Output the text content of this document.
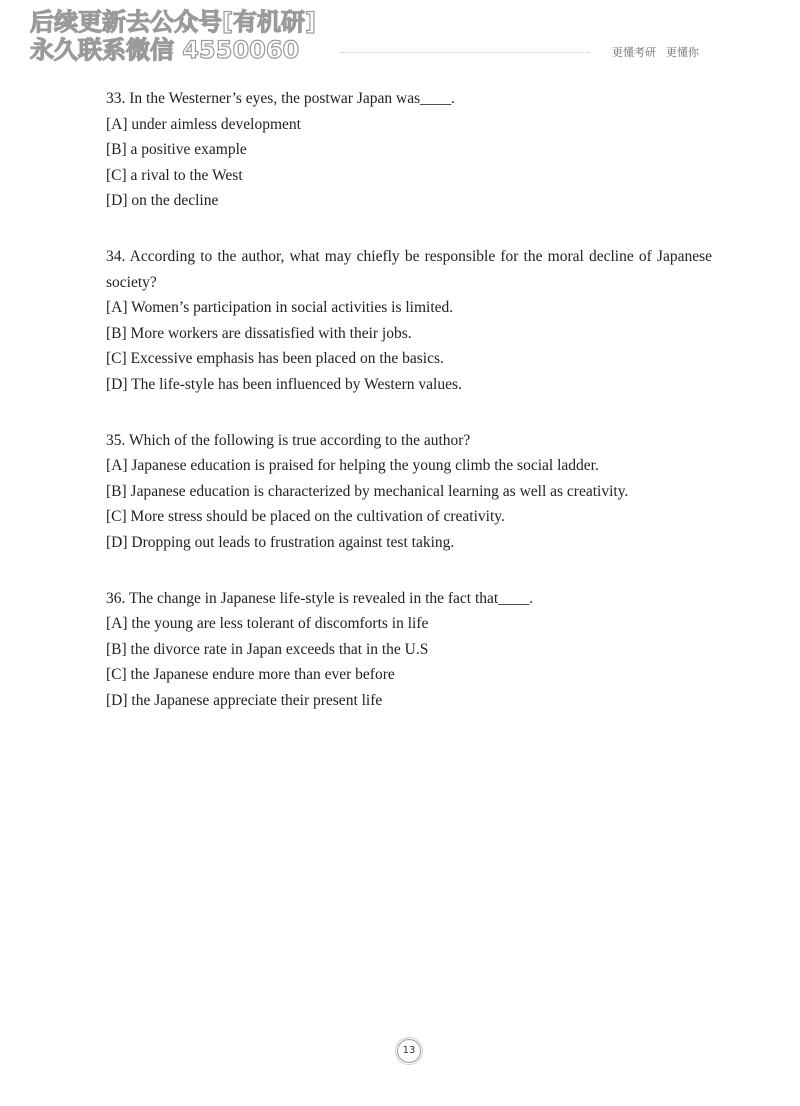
后续更新去公众号[有机研]
永久联系微信 4550060	更懂考研 更懂你
33. In the Westerner’s eyes, the postwar Japan was____.
[A] under aimless development
[B] a positive example
[C] a rival to the West
[D] on the decline
34. According to the author, what may chiefly be responsible for the moral decline of Japanese society?
[A] Women’s participation in social activities is limited.
[B] More workers are dissatisfied with their jobs.
[C] Excessive emphasis has been placed on the basics.
[D] The life-style has been influenced by Western values.
35. Which of the following is true according to the author?
[A] Japanese education is praised for helping the young climb the social ladder.
[B] Japanese education is characterized by mechanical learning as well as creativity.
[C] More stress should be placed on the cultivation of creativity.
[D] Dropping out leads to frustration against test taking.
36. The change in Japanese life-style is revealed in the fact that____.
[A] the young are less tolerant of discomforts in life
[B] the divorce rate in Japan exceeds that in the U.S
[C] the Japanese endure more than ever before
[D] the Japanese appreciate their present life
13
